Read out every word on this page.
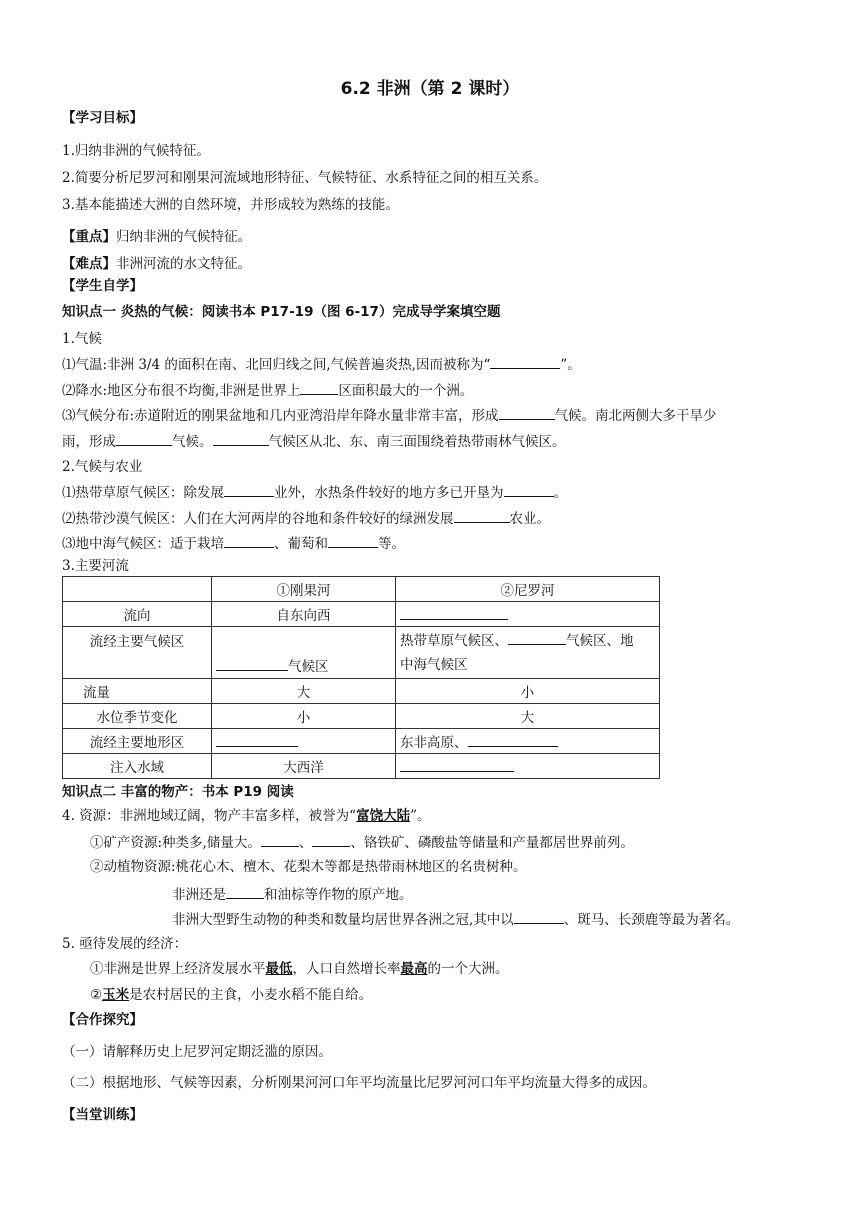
6.2 非洲（第 2 课时）
【学习目标】
1.归纳非洲的气候特征。
2.简要分析尼罗河和刚果河流域地形特征、气候特征、水系特征之间的相互关系。
3.基本能描述大洲的自然环境，并形成较为熟练的技能。
【重点】归纳非洲的气候特征。
【难点】非洲河流的水文特征。
【学生自学】
知识点一 炎热的气候：阅读书本 P17-19（图 6-17）完成导学案填空题
1.气候
⑴气温:非洲 3/4 的面积在南、北回归线之间,气候普遍炎热,因而被称为“	”。
⑵降水:地区分布很不均衡,非洲是世界上	区面积最大的一个洲。
⑶气候分布:赤道附近的刚果盆地和几内亚湾沿岸年降水量非常丰富，形成	气候。南北两侧大多干旱少
雨，形成	气候。	气候区从北、东、南三面围绕着热带雨林气候区。
2.气候与农业
⑴热带草原气候区：除发展	业外，水热条件较好的地方多已开垦为	。
⑵热带沙漠气候区：人们在大河两岸的谷地和条件较好的绿洲发展	农业。
⑶地中海气候区：适于栽培	、葡萄和	等。
3.主要河流
	①刚果河	②尼罗河
流向	自东向西	
流经主要气候区	气候区	热带草原气候区、 气候区、地
中海气候区
流量	大	小
水位季节变化	小	大
流经主要地形区		东非高原、
注入水域	大西洋	
知识点二 丰富的物产：书本 P19 阅读
4. 资源：非洲地域辽阔，物产丰富多样，被誉为“富饶大陆”。
①矿产资源:种类多,储量大。	、	、铬铁矿、磷酸盐等储量和产量都居世界前列。
②动植物资源:桃花心木、檀木、花梨木等都是热带雨林地区的名贵树种。
非洲还是	和油棕等作物的原产地。
非洲大型野生动物的种类和数量均居世界各洲之冠,其中以	、斑马、长颈鹿等最为著名。
5. 亟待发展的经济：
①非洲是世界上经济发展水平最低，人口自然增长率最高的一个大洲。
②玉米是农村居民的主食，小麦水稻不能自给。
【合作探究】
（一）请解释历史上尼罗河定期泛滥的原因。
（二）根据地形、气候等因素，分析刚果河河口年平均流量比尼罗河河口年平均流量大得多的成因。
【当堂训练】
